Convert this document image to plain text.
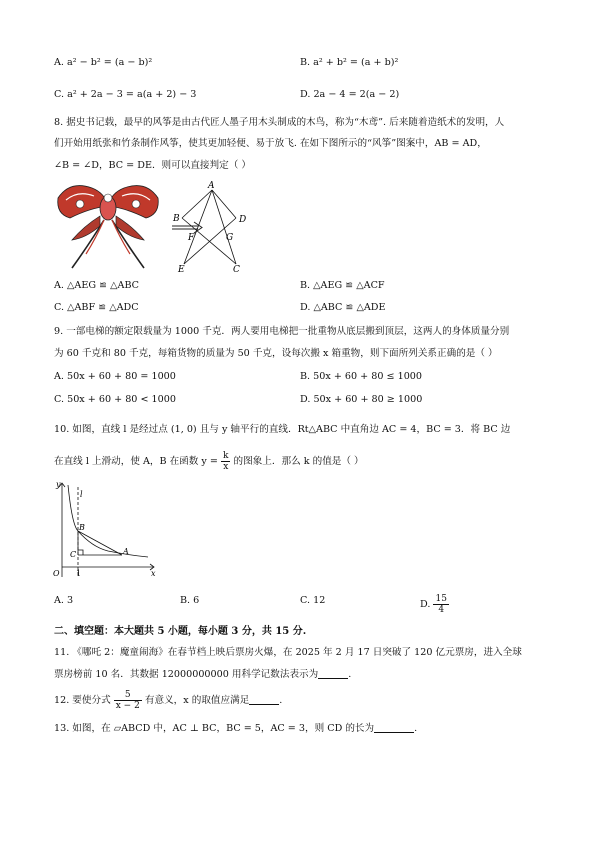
A. a² − b² = (a − b)²	B. a² + b² = (a + b)²
C. a² + 2a − 3 = a(a + 2) − 3	D. 2a − 4 = 2(a − 2)
8. 据史书记载，最早的风筝是由古代匠人墨子用木头制成的木鸟，称为“木鸢”. 后来随着造纸术的发明，人
们开始用纸张和竹条制作风筝，使其更加轻便、易于放飞. 在如下图所示的“风筝”图案中，AB = AD，
∠B = ∠D，BC = DE．则可以直接判定（ ）
A
B	D
F	G
E	C
A. △AEG ≌ △ABC	B. △AEG ≌ △ACF
C. △ABF ≌ △ADC	D. △ABC ≌ △ADE
9. 一部电梯的额定限载量为 1000 千克．两人要用电梯把一批重物从底层搬到顶层，这两人的身体质量分别
为 60 千克和 80 千克，每箱货物的质量为 50 千克，设每次搬 x 箱重物，则下面所列关系正确的是（ ）
A. 50x + 60 + 80 = 1000	B. 50x + 60 + 80 ≤ 1000
C. 50x + 60 + 80 < 1000	D. 50x + 60 + 80 ≥ 1000
10. 如图，直线 l 是经过点 (1, 0) 且与 y 轴平行的直线．Rt△ABC 中直角边 AC = 4，BC = 3．将 BC 边
在直线 l 上滑动，使 A，B 在函数 $y = \frac{k}{x}$ 的图象上．那么 k 的值是（ ）
y
l
B
C	A
O 1	x
A. 3	B. 6	C. 12	D. $\frac{15}{4}$
二、填空题：本大题共 5 小题，每小题 3 分，共 15 分.
11. 《哪吒 2：魔童闹海》在春节档上映后票房火爆，在 2025 年 2 月 17 日突破了 120 亿元票房，进入全球
票房榜前 10 名．其数据 12000000000 用科学记数法表示为	.
12. 要使分式 $\frac{5}{x - 2}$ 有意义，x 的取值应满足	.
13. 如图，在 ▱ABCD 中，AC ⊥ BC，BC = 5，AC = 3，则 CD 的长为	.
